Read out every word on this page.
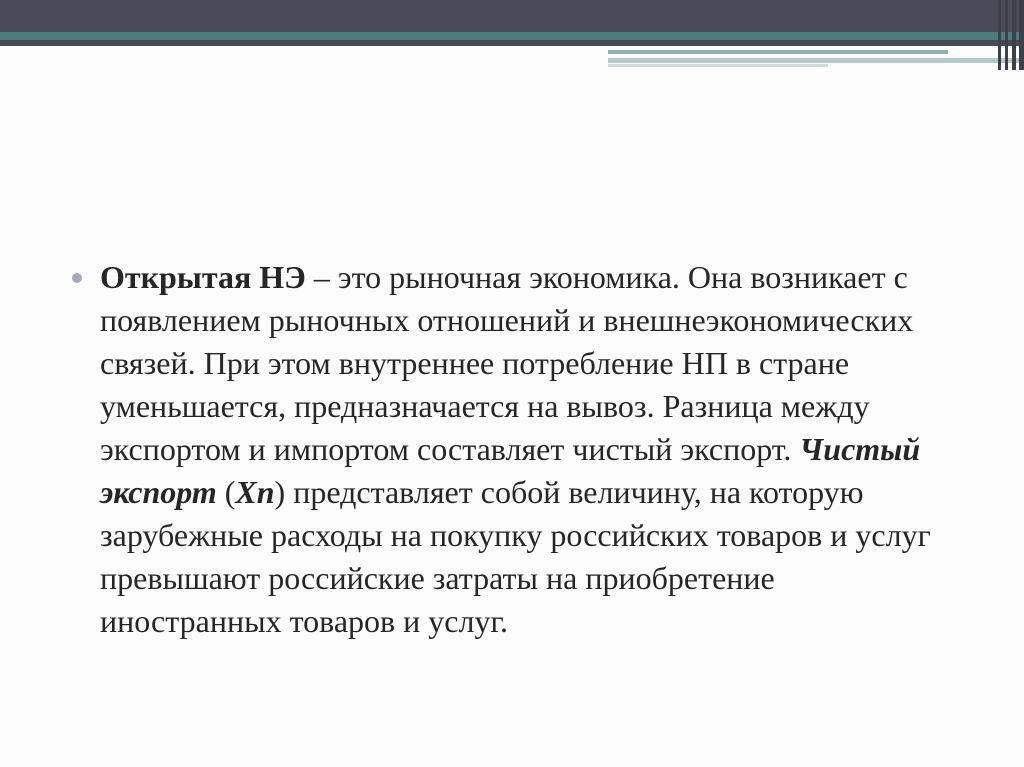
Открытая НЭ – это рыночная экономика. Она возникает с появлением рыночных отношений и внешнеэкономических связей. При этом внутреннее потребление НП в стране уменьшается, предназначается на вывоз. Разница между экспортом и импортом составляет чистый экспорт. Чистый экспорт (Xn) представляет собой величину, на которую зарубежные расходы на покупку российских товаров и услуг превышают российские затраты на приобретение иностранных товаров и услуг.
